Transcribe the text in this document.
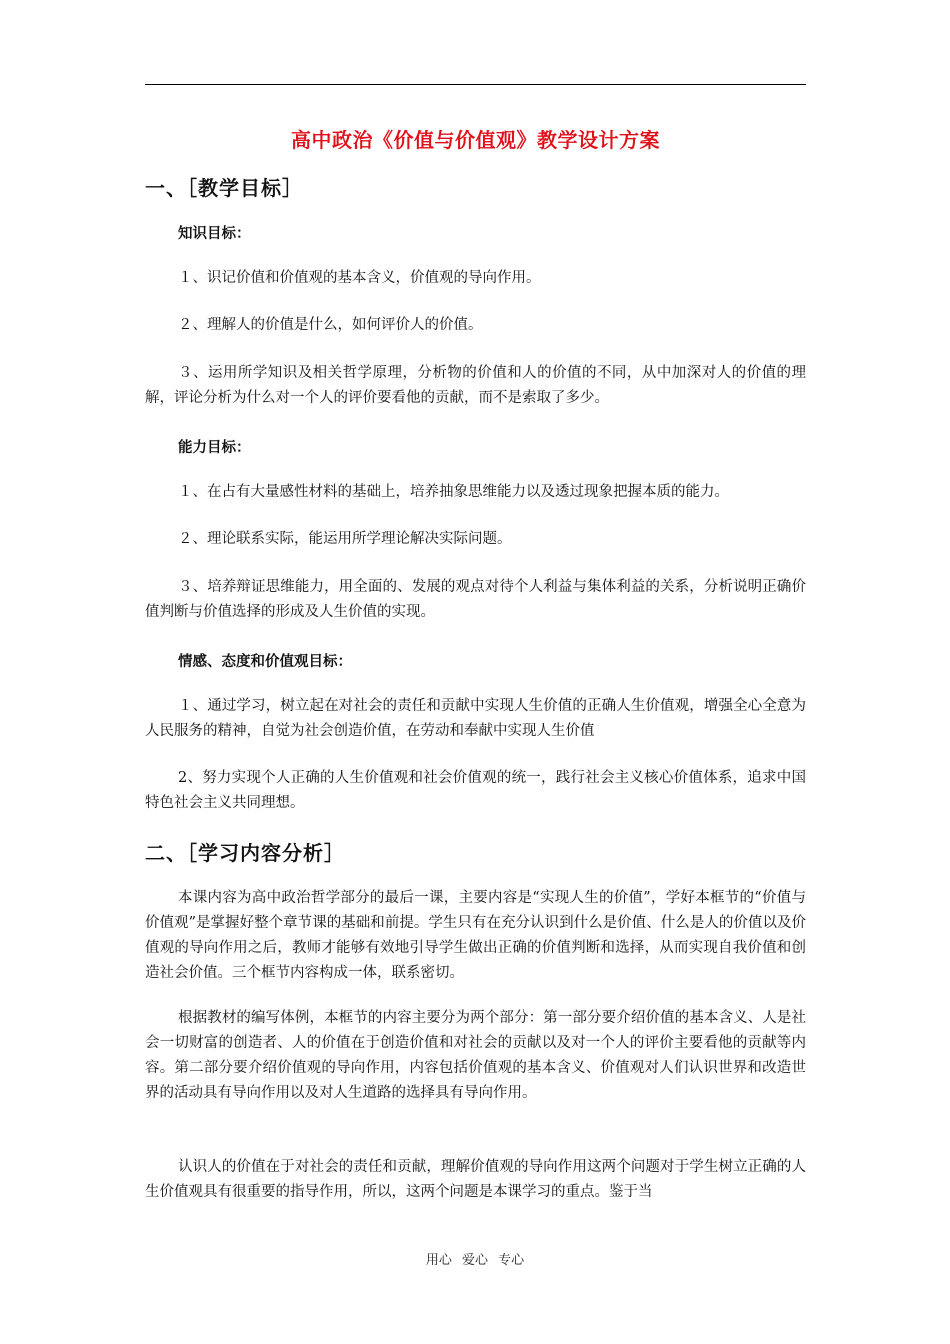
高中政治《价值与价值观》教学设计方案
一、［教学目标］
知识目标：
１、识记价值和价值观的基本含义，价值观的导向作用。
２、理解人的价值是什么，如何评价人的价值。
３、运用所学知识及相关哲学原理，分析物的价值和人的价值的不同，从中加深对人的价值的理解，评论分析为什么对一个人的评价要看他的贡献，而不是索取了多少。
能力目标：
１、在占有大量感性材料的基础上，培养抽象思维能力以及透过现象把握本质的能力。
２、理论联系实际，能运用所学理论解决实际问题。
３、培养辩证思维能力，用全面的、发展的观点对待个人利益与集体利益的关系，分析说明正确价值判断与价值选择的形成及人生价值的实现。
情感、态度和价值观目标：
１、通过学习，树立起在对社会的责任和贡献中实现人生价值的正确人生价值观，增强全心全意为人民服务的精神，自觉为社会创造价值，在劳动和奉献中实现人生价值
2、努力实现个人正确的人生价值观和社会价值观的统一，践行社会主义核心价值体系，追求中国特色社会主义共同理想。
二、［学习内容分析］
本课内容为高中政治哲学部分的最后一课，主要内容是“实现人生的价值”，学好本框节的“价值与价值观”是掌握好整个章节课的基础和前提。学生只有在充分认识到什么是价值、什么是人的价值以及价值观的导向作用之后，教师才能够有效地引导学生做出正确的价值判断和选择，从而实现自我价值和创造社会价值。三个框节内容构成一体，联系密切。
根据教材的编写体例，本框节的内容主要分为两个部分：第一部分要介绍价值的基本含义、人是社会一切财富的创造者、人的价值在于创造价值和对社会的贡献以及对一个人的评价主要看他的贡献等内容。第二部分要介绍价值观的导向作用，内容包括价值观的基本含义、价值观对人们认识世界和改造世界的活动具有导向作用以及对人生道路的选择具有导向作用。
认识人的价值在于对社会的责任和贡献，理解价值观的导向作用这两个问题对于学生树立正确的人生价值观具有很重要的指导作用，所以，这两个问题是本课学习的重点。鉴于当
用心 爱心 专心
